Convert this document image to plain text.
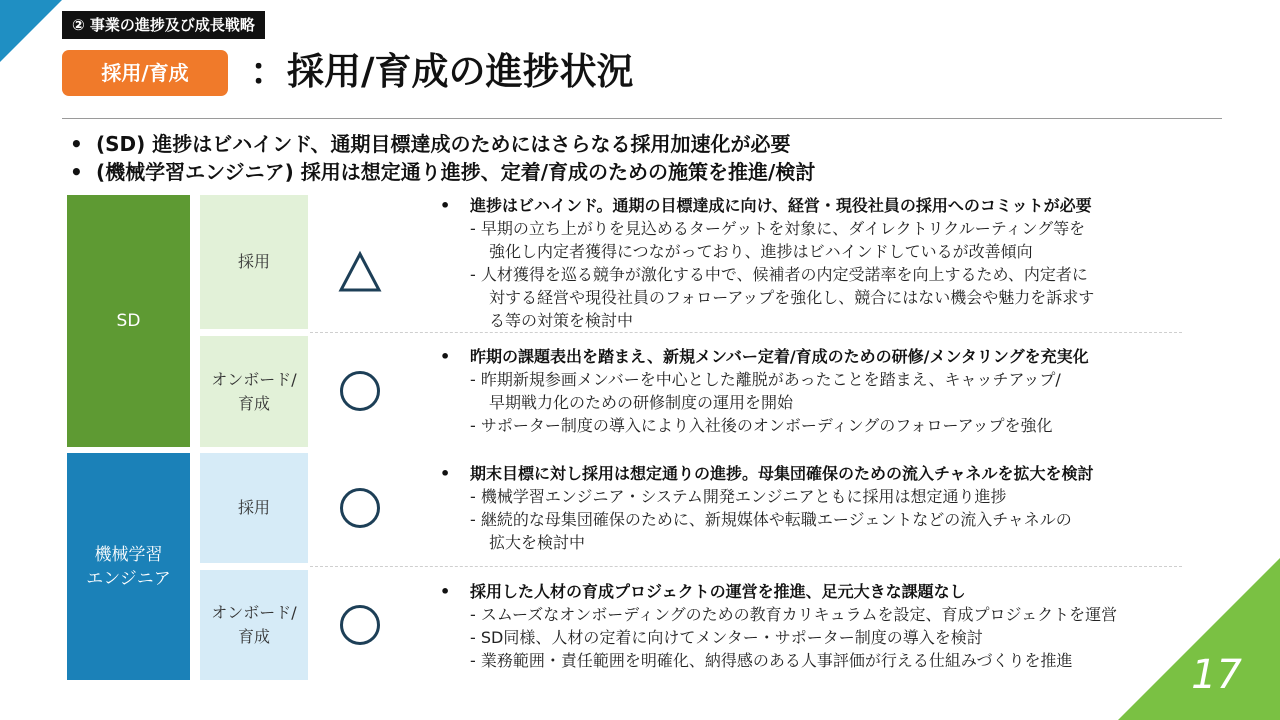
17
② 事業の進捗及び成長戦略
採用/育成	：採用/育成の進捗状況
• (SD) 進捗はビハインド、通期目標達成のためにはさらなる採用加速化が必要
• (機械学習エンジニア) 採用は想定通り進捗、定着/育成のための施策を推進/検討
SD
機械学習
エンジニア
採用
オンボード/
育成
採用
オンボード/
育成
• 進捗はビハインド。通期の目標達成に向け、経営・現役社員の採用へのコミットが必要
- 早期の立ち上がりを見込めるターゲットを対象に、ダイレクトリクルーティング等を
強化し内定者獲得につながっており、進捗はビハインドしているが改善傾向
- 人材獲得を巡る競争が激化する中で、候補者の内定受諾率を向上するため、内定者に
対する経営や現役社員のフォローアップを強化し、競合にはない機会や魅力を訴求す
る等の対策を検討中
• 昨期の課題表出を踏まえ、新規メンバー定着/育成のための研修/メンタリングを充実化
- 昨期新規参画メンバーを中心とした離脱があったことを踏まえ、キャッチアップ/
早期戦力化のための研修制度の運用を開始
- サポーター制度の導入により入社後のオンボーディングのフォローアップを強化
• 期末目標に対し採用は想定通りの進捗。母集団確保のための流入チャネルを拡大を検討
- 機械学習エンジニア・システム開発エンジニアともに採用は想定通り進捗
- 継続的な母集団確保のために、新規媒体や転職エージェントなどの流入チャネルの
拡大を検討中
• 採用した人材の育成プロジェクトの運営を推進、足元大きな課題なし
- スムーズなオンボーディングのための教育カリキュラムを設定、育成プロジェクトを運営
- SD同様、人材の定着に向けてメンター・サポーター制度の導入を検討
- 業務範囲・責任範囲を明確化、納得感のある人事評価が行える仕組みづくりを推進
